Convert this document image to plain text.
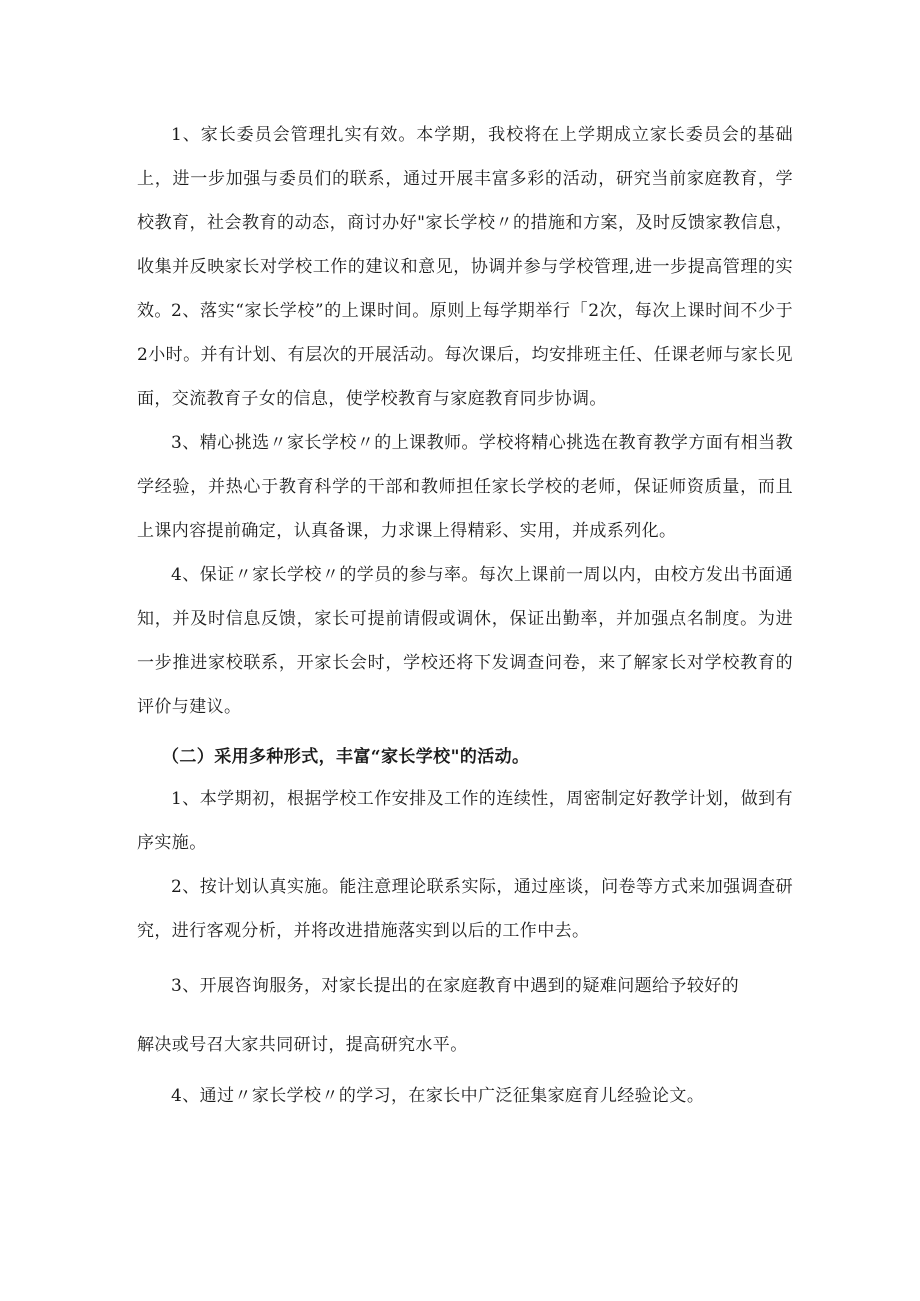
1、家长委员会管理扎实有效。本学期，我校将在上学期成立家长委员会的基础上，进一步加强与委员们的联系，通过开展丰富多彩的活动，研究当前家庭教育，学校教育，社会教育的动态，商讨办好"家长学校〃的措施和方案，及时反馈家教信息，收集并反映家长对学校工作的建议和意见，协调并参与学校管理,进一步提高管理的实效。 2、落实“家长学校”的上课时间。原则上每学期举行「2次，每次上课时间不少于2小时。并有计划、有层次的开展活动。每次课后，均安排班主任、任课老师与家长见面，交流教育子女的信息，使学校教育与家庭教育同步协调。

3、精心挑选〃家长学校〃的上课教师。学校将精心挑选在教育教学方面有相当教学经验，并热心于教育科学的干部和教师担任家长学校的老师，保证师资质量，而且上课内容提前确定，认真备课，力求课上得精彩、实用，并成系列化。

4、保证〃家长学校〃的学员的参与率。每次上课前一周以内，由校方发出书面通知，并及时信息反馈，家长可提前请假或调休，保证出勤率，并加强点名制度。为进一步推进家校联系，开家长会时，学校还将下发调查问卷，来了解家长对学校教育的评价与建议。

（二）采用多种形式，丰富“家长学校"的活动。

1、本学期初，根据学校工作安排及工作的连续性，周密制定好教学计划，做到有序实施。

2、按计划认真实施。能注意理论联系实际，通过座谈，问卷等方式来加强调查研究，进行客观分析，并将改进措施落实到以后的工作中去。

3、开展咨询服务，对家长提出的在家庭教育中遇到的疑难问题给予较好的

解决或号召大家共同研讨，提高研究水平。

4、通过〃家长学校〃的学习，在家长中广泛征集家庭育儿经验论文。
